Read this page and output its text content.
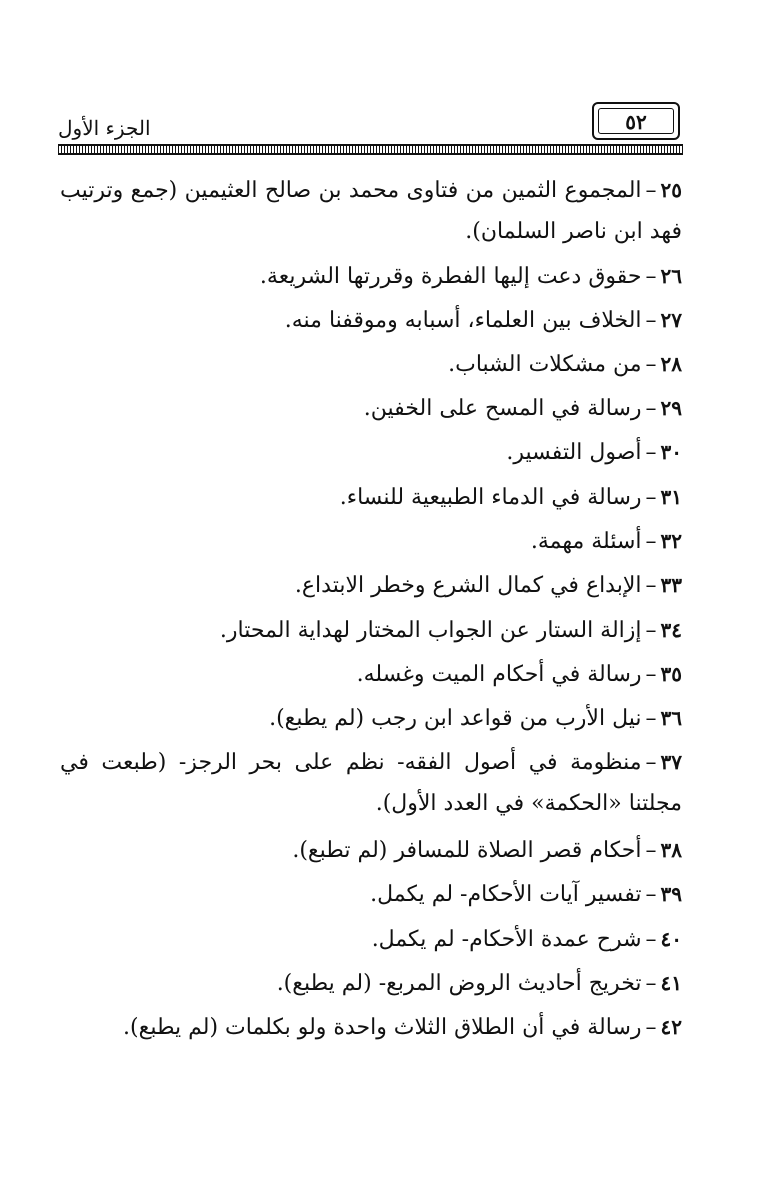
٥٢
الجزء الأول
٢٥–المجموع الثمين من فتاوى محمد بن صالح العثيمين (جمع وترتيب فهد ابن ناصر السلمان).
٢٦–حقوق دعت إليها الفطرة وقررتها الشريعة.
٢٧–الخلاف بين العلماء، أسبابه وموقفنا منه.
٢٨–من مشكلات الشباب.
٢٩–رسالة في المسح على الخفين.
٣٠–أصول التفسير.
٣١–رسالة في الدماء الطبيعية للنساء.
٣٢–أسئلة مهمة.
٣٣–الإبداع في كمال الشرع وخطر الابتداع.
٣٤–إزالة الستار عن الجواب المختار لهداية المحتار.
٣٥–رسالة في أحكام الميت وغسله.
٣٦–نيل الأرب من قواعد ابن رجب (لم يطبع).
٣٧–منظومة في أصول الفقه- نظم على بحر الرجز- (طبعت في مجلتنا «الحكمة» في العدد الأول).
٣٨–أحكام قصر الصلاة للمسافر (لم تطبع).
٣٩–تفسير آيات الأحكام- لم يكمل.
٤٠–شرح عمدة الأحكام- لم يكمل.
٤١–تخريج أحاديث الروض المربع- (لم يطبع).
٤٢–رسالة في أن الطلاق الثلاث واحدة ولو بكلمات (لم يطبع).
